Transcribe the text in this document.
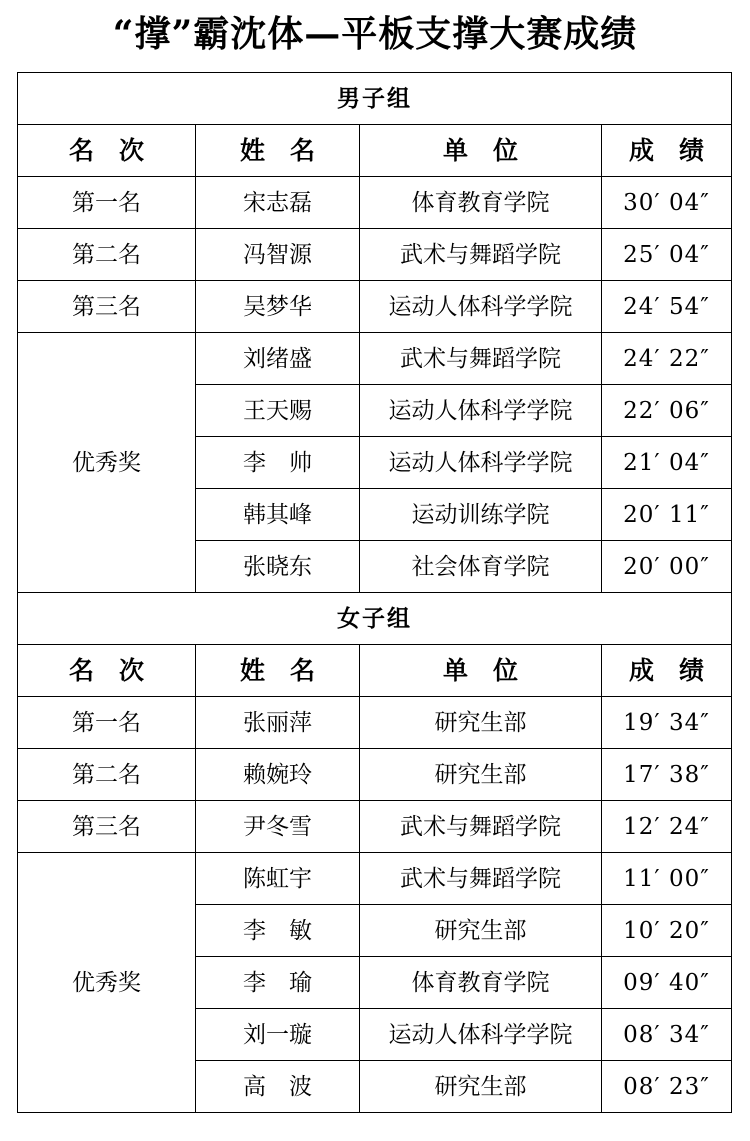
“撑”霸沈体—平板支撑大赛成绩
男子组			
名　次	姓　名	单　位	成　绩
第一名	宋志磊	体育教育学院	30′ 04″
第二名	冯智源	武术与舞蹈学院	25′ 04″
第三名	吴梦华	运动人体科学学院	24′ 54″
优秀奖	刘绪盛	武术与舞蹈学院	24′ 22″
	王天赐	运动人体科学学院	22′ 06″
	李　帅	运动人体科学学院	21′ 04″
	韩其峰	运动训练学院	20′ 11″
	张晓东	社会体育学院	20′ 00″
女子组			
名　次	姓　名	单　位	成　绩
第一名	张丽萍	研究生部	19′ 34″
第二名	赖婉玲	研究生部	17′ 38″
第三名	尹冬雪	武术与舞蹈学院	12′ 24″
优秀奖	陈虹宇	武术与舞蹈学院	11′ 00″
	李　敏	研究生部	10′ 20″
	李　瑜	体育教育学院	09′ 40″
	刘一璇	运动人体科学学院	08′ 34″
	高　波	研究生部	08′ 23″
